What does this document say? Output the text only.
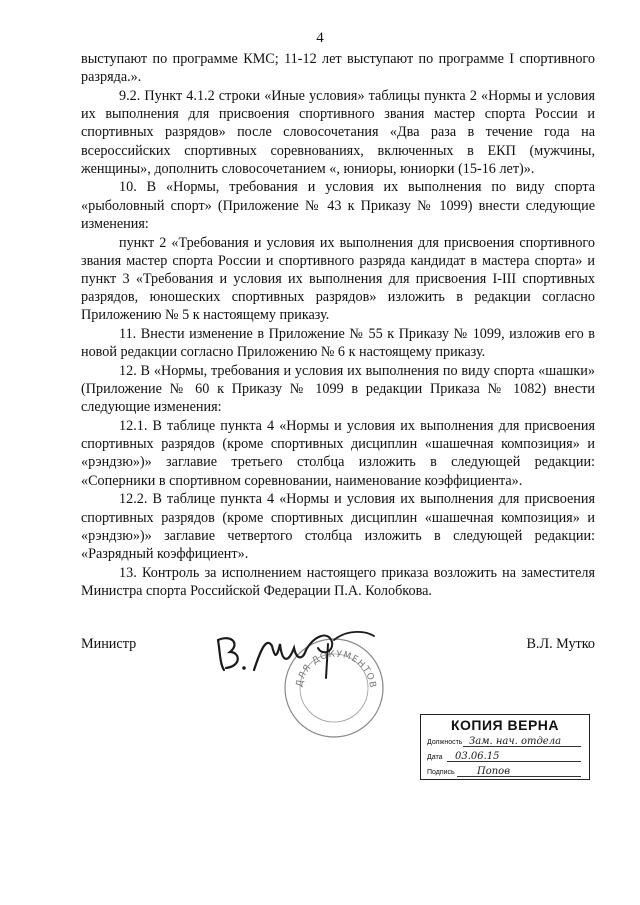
4

выступают по программе КМС; 11-12 лет выступают по программе I спортивного разряда.».

9.2. Пункт 4.1.2 строки «Иные условия» таблицы пункта 2 «Нормы и условия их выполнения для присвоения спортивного звания мастер спорта России и спортивных разрядов» после словосочетания «Два раза в течение года на всероссийских спортивных соревнованиях, включенных в ЕКП (мужчины, женщины», дополнить словосочетанием «, юниоры, юниорки (15-16 лет)».

10. В «Нормы, требования и условия их выполнения по виду спорта «рыболовный спорт» (Приложение № 43 к Приказу № 1099) внести следующие изменения:

пункт 2 «Требования и условия их выполнения для присвоения спортивного звания мастер спорта России и спортивного разряда кандидат в мастера спорта» и пункт 3 «Требования и условия их выполнения для присвоения I-III спортивных разрядов, юношеских спортивных разрядов» изложить в редакции согласно Приложению № 5 к настоящему приказу.

11. Внести изменение в Приложение № 55 к Приказу № 1099, изложив его в новой редакции согласно Приложению № 6 к настоящему приказу.

12. В «Нормы, требования и условия их выполнения по виду спорта «шашки» (Приложение № 60 к Приказу № 1099 в редакции Приказа № 1082) внести следующие изменения:

12.1. В таблице пункта 4 «Нормы и условия их выполнения для присвоения спортивных разрядов (кроме спортивных дисциплин «шашечная композиция» и «рэндзю»)» заглавие третьего столбца изложить в следующей редакции: «Соперники в спортивном соревновании, наименование коэффициента».

12.2. В таблице пункта 4 «Нормы и условия их выполнения для присвоения спортивных разрядов (кроме спортивных дисциплин «шашечная композиция» и «рэндзю»)» заглавие четвертого столбца изложить в следующей редакции: «Разрядный коэффициент».

13. Контроль за исполнением настоящего приказа возложить на заместителя Министра спорта Российской Федерации П.А. Колобкова.

ДЛЯ ДОКУМЕНТОВ
Министр	В.Л. Мутко
КОПИЯ ВЕРНА
Должность Зам. нач. отдела
Дата 03.06.15
Подпись Попов
